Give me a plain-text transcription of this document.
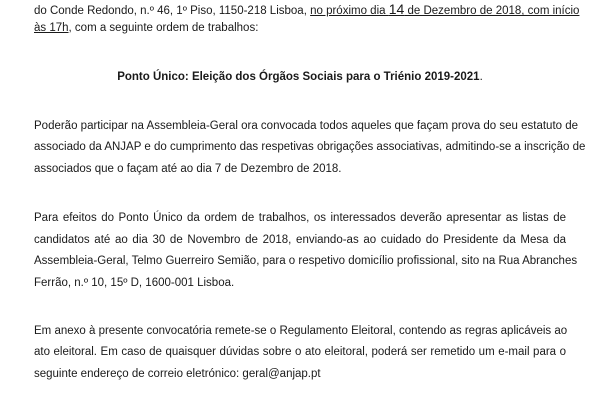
do Conde Redondo, n.º 46, 1º Piso, 1150-218 Lisboa, no próximo dia 14 de Dezembro de 2018, com início
às 17h, com a seguinte ordem de trabalhos:
Ponto Único: Eleição dos Órgãos Sociais para o Triénio 2019-2021.
Poderão participar na Assembleia-Geral ora convocada todos aqueles que façam prova do seu estatuto de
associado da ANJAP e do cumprimento das respetivas obrigações associativas, admitindo-se a inscrição de
associados que o façam até ao dia 7 de Dezembro de 2018.
Para efeitos do Ponto Único da ordem de trabalhos, os interessados deverão apresentar as listas de
candidatos até ao dia 30 de Novembro de 2018, enviando-as ao cuidado do Presidente da Mesa da
Assembleia-Geral, Telmo Guerreiro Semião, para o respetivo domicílio profissional, sito na Rua Abranches
Ferrão, n.º 10, 15º D, 1600-001 Lisboa.
Em anexo à presente convocatória remete-se o Regulamento Eleitoral, contendo as regras aplicáveis ao
ato eleitoral. Em caso de quaisquer dúvidas sobre o ato eleitoral, poderá ser remetido um e-mail para o
seguinte endereço de correio eletrónico: geral@anjap.pt
